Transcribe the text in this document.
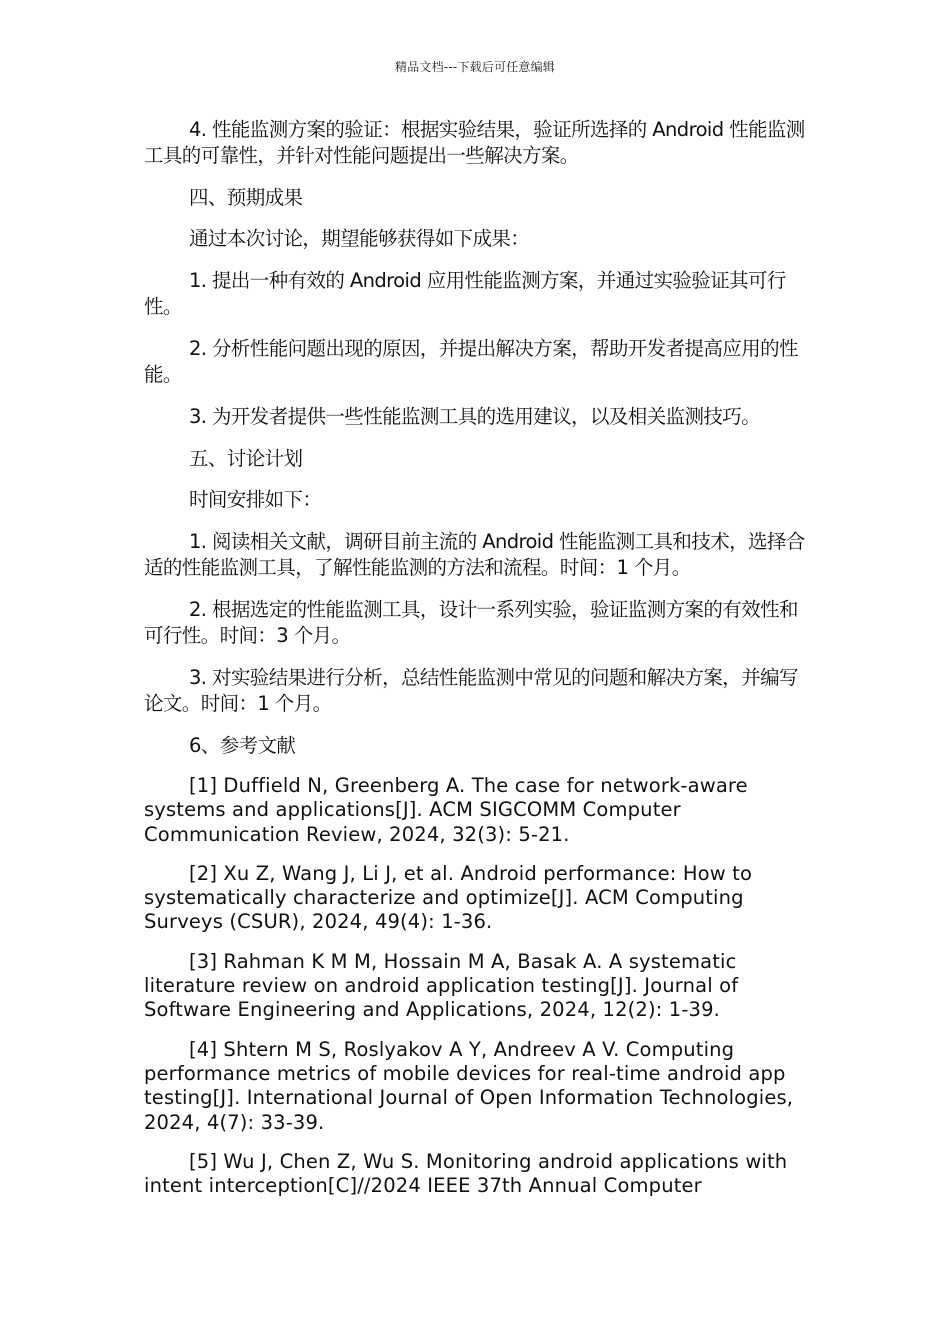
精品文档---下载后可任意编辑

4. 性能监测方案的验证：根据实验结果，验证所选择的 Android 性能监测工具的可靠性，并针对性能问题提出一些解决方案。

四、预期成果

通过本次讨论，期望能够获得如下成果：

1. 提出一种有效的 Android 应用性能监测方案，并通过实验验证其可行性。

2. 分析性能问题出现的原因，并提出解决方案，帮助开发者提高应用的性能。

3. 为开发者提供一些性能监测工具的选用建议，以及相关监测技巧。

五、讨论计划

时间安排如下：

1. 阅读相关文献，调研目前主流的 Android 性能监测工具和技术，选择合适的性能监测工具，了解性能监测的方法和流程。时间：1 个月。

2. 根据选定的性能监测工具，设计一系列实验，验证监测方案的有效性和可行性。时间：3 个月。

3. 对实验结果进行分析，总结性能监测中常见的问题和解决方案，并编写论文。时间：1 个月。

6、参考文献

[1] Duffield N, Greenberg A. The case for network-aware systems and applications[J]. ACM SIGCOMM Computer Communication Review, 2024, 32(3): 5-21.

[2] Xu Z, Wang J, Li J, et al. Android performance: How to systematically characterize and optimize[J]. ACM Computing Surveys (CSUR), 2024, 49(4): 1-36.

[3] Rahman K M M, Hossain M A, Basak A. A systematic literature review on android application testing[J]. Journal of Software Engineering and Applications, 2024, 12(2): 1-39.

[4] Shtern M S, Roslyakov A Y, Andreev A V. Computing performance metrics of mobile devices for real-time android app testing[J]. International Journal of Open Information Technologies, 2024, 4(7): 33-39.

[5] Wu J, Chen Z, Wu S. Monitoring android applications with intent interception[C]//2024 IEEE 37th Annual Computer
